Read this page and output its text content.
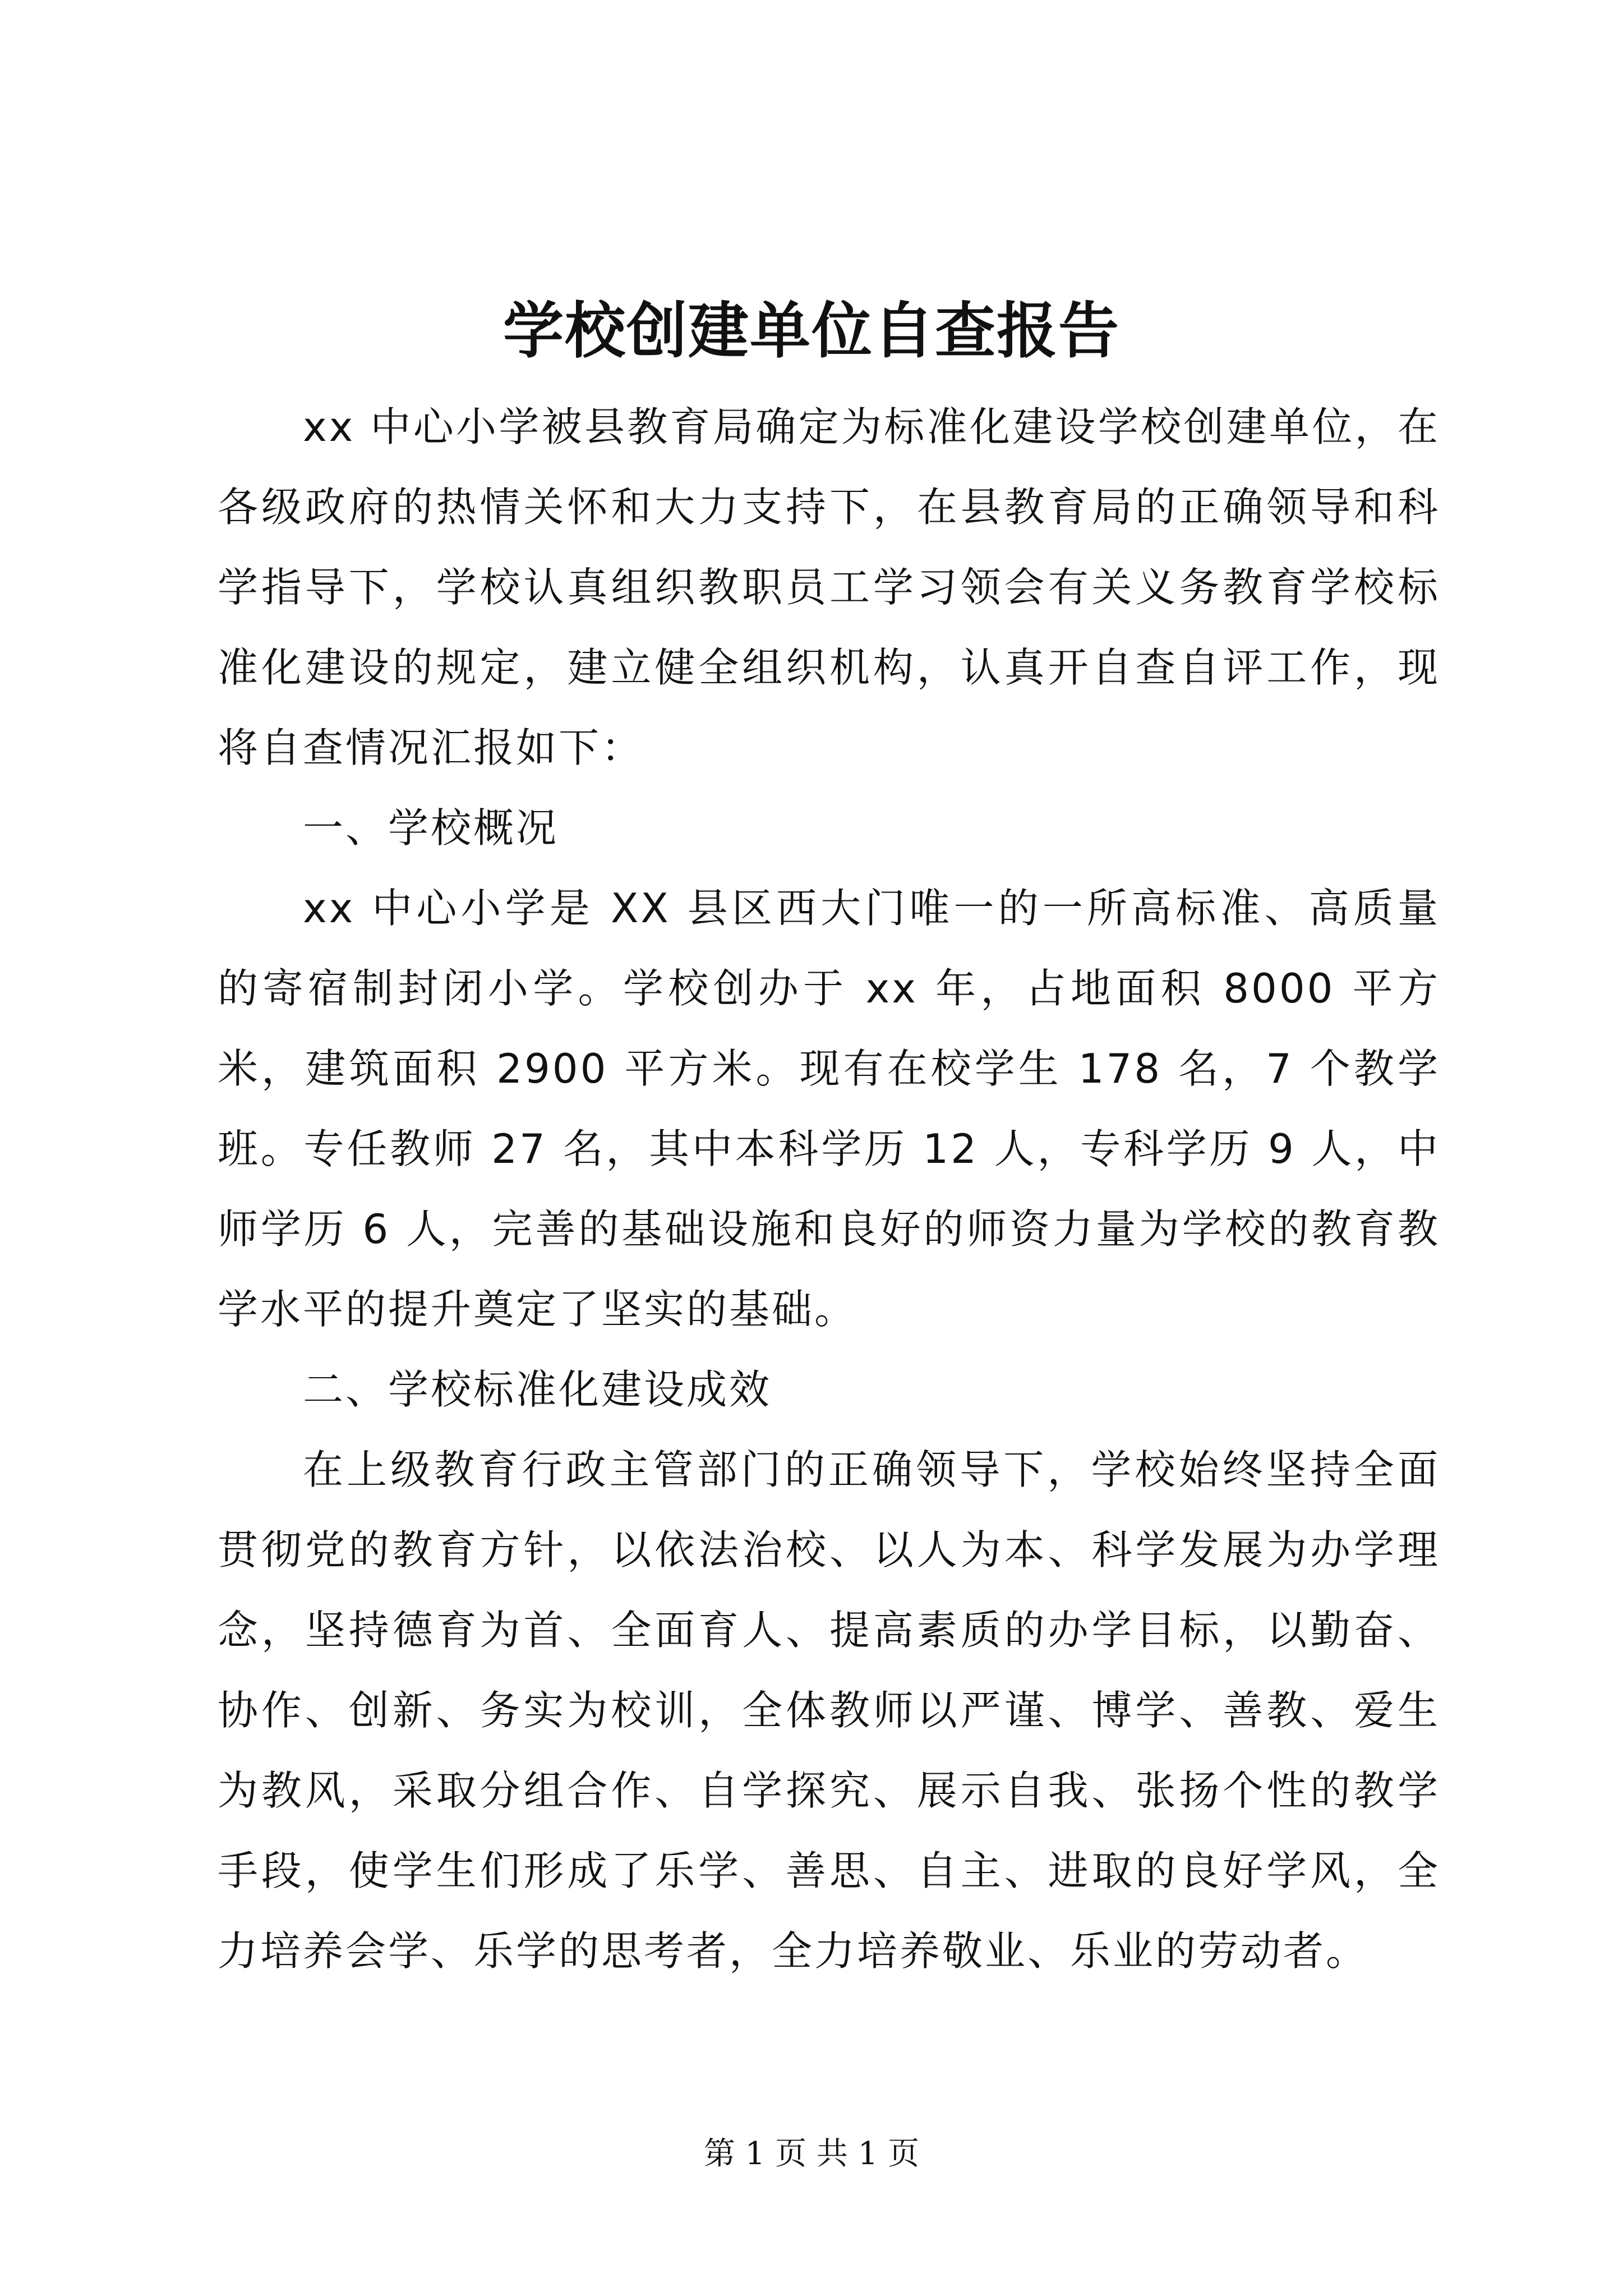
学校创建单位自查报告

xx 中心小学被县教育局确定为标准化建设学校创建单位，在各级政府的热情关怀和大力支持下，在县教育局的正确领导和科学指导下，学校认真组织教职员工学习领会有关义务教育学校标准化建设的规定，建立健全组织机构，认真开自查自评工作，现将自查情况汇报如下：

一、学校概况

xx 中心小学是 XX 县区西大门唯一的一所高标准、高质量的寄宿制封闭小学。学校创办于 xx 年，占地面积 8000 平方米，建筑面积 2900 平方米。现有在校学生 178 名，7 个教学班。专任教师 27 名，其中本科学历 12 人，专科学历 9 人，中师学历 6 人，完善的基础设施和良好的师资力量为学校的教育教学水平的提升奠定了坚实的基础。

二、学校标准化建设成效

在上级教育行政主管部门的正确领导下，学校始终坚持全面贯彻党的教育方针，以依法治校、以人为本、科学发展为办学理念，坚持德育为首、全面育人、提高素质的办学目标，以勤奋、协作、创新、务实为校训，全体教师以严谨、博学、善教、爱生为教风，采取分组合作、自学探究、展示自我、张扬个性的教学手段，使学生们形成了乐学、善思、自主、进取的良好学风，全力培养会学、乐学的思考者，全力培养敬业、乐业的劳动者。

第 1 页 共 1 页
